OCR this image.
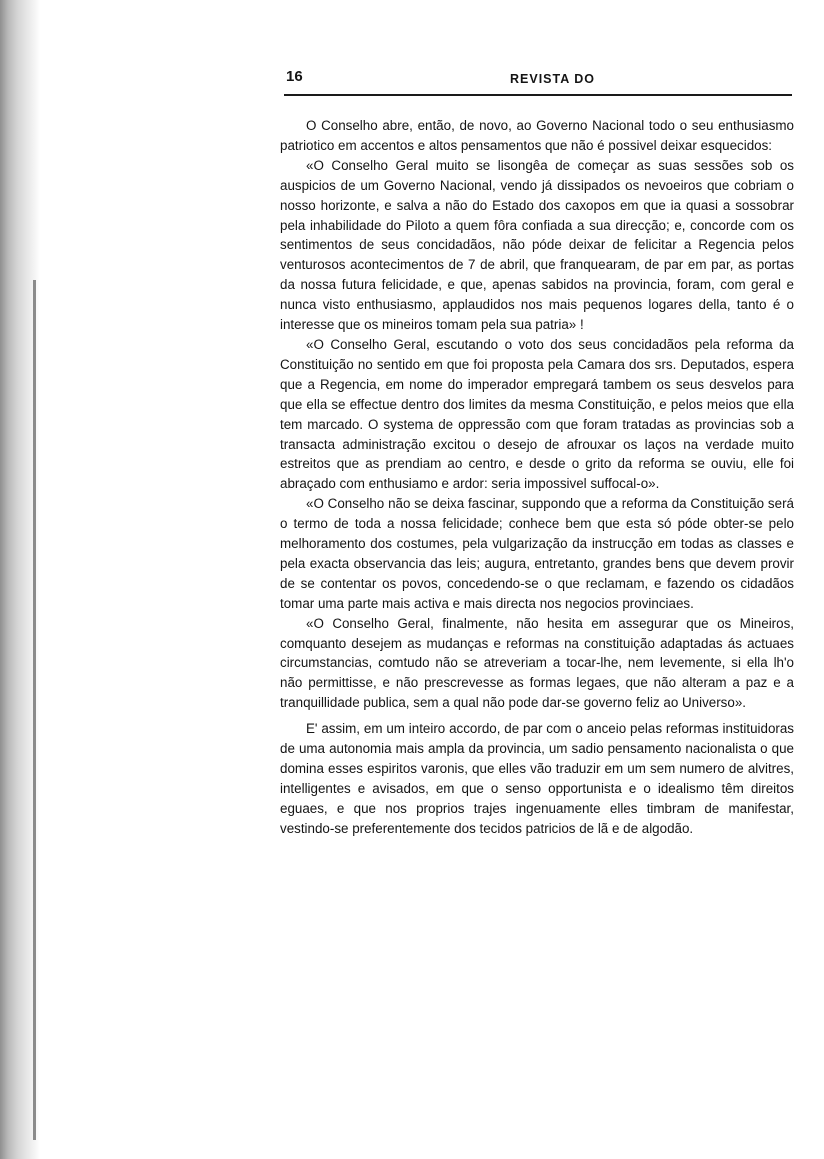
16	REVISTA DO

O Conselho abre, então, de novo, ao Governo Nacional todo o seu enthusiasmo patriotico em accentos e altos pensamentos que não é possivel deixar esquecidos:

«O Conselho Geral muito se lisongêa de começar as suas sessões sob os auspicios de um Governo Nacional, vendo já dissipados os nevoeiros que cobriam o nosso horizonte, e salva a não do Estado dos caxopos em que ia quasi a sossobrar pela inhabilidade do Piloto a quem fôra confiada a sua direcção; e, concorde com os sentimentos de seus concidadãos, não póde deixar de felicitar a Regencia pelos venturosos acontecimentos de 7 de abril, que franquearam, de par em par, as portas da nossa futura felicidade, e que, apenas sabidos na provincia, foram, com geral e nunca visto enthusiasmo, applaudidos nos mais pequenos logares della, tanto é o interesse que os mineiros tomam pela sua patria» !

«O Conselho Geral, escutando o voto dos seus concidadãos pela reforma da Constituição no sentido em que foi proposta pela Camara dos srs. Deputados, espera que a Regencia, em nome do imperador empregará tambem os seus desvelos para que ella se effectue dentro dos limites da mesma Constituição, e pelos meios que ella tem marcado. O systema de oppressão com que foram tratadas as provincias sob a transacta administração excitou o desejo de afrouxar os laços na verdade muito estreitos que as prendiam ao centro, e desde o grito da reforma se ouviu, elle foi abraçado com enthusiamo e ardor: seria impossivel suffocal-o».

«O Conselho não se deixa fascinar, suppondo que a reforma da Constituição será o termo de toda a nossa felicidade; conhece bem que esta só póde obter-se pelo melhoramento dos costumes, pela vulgarização da instrucção em todas as classes e pela exacta observancia das leis; augura, entretanto, grandes bens que devem provir de se contentar os povos, concedendo-se o que reclamam, e fazendo os cidadãos tomar uma parte mais activa e mais directa nos negocios provinciaes.

«O Conselho Geral, finalmente, não hesita em assegurar que os Mineiros, comquanto desejem as mudanças e reformas na constituição adaptadas ás actuaes circumstancias, comtudo não se atreveriam a tocar-lhe, nem levemente, si ella lh'o não permittisse, e não prescrevesse as formas legaes, que não alteram a paz e a tranquillidade publica, sem a qual não pode dar-se governo feliz ao Universo».

E' assim, em um inteiro accordo, de par com o anceio pelas reformas instituidoras de uma autonomia mais ampla da provincia, um sadio pensamento nacionalista o que domina esses espiritos varonis, que elles vão traduzir em um sem numero de alvitres, intelligentes e avisados, em que o senso opportunista e o idealismo têm direitos eguaes, e que nos proprios trajes ingenuamente elles timbram de manifestar, vestindo-se preferentemente dos tecidos patricios de lã e de algodão.
